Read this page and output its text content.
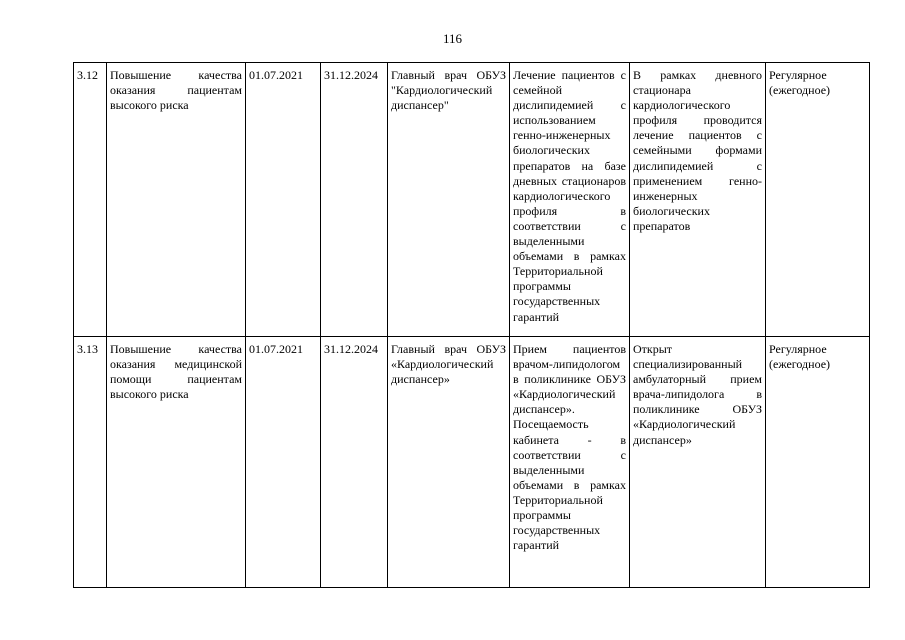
116
3.12	Повышение качества оказания пациентам высокого риска	01.07.2021	31.12.2024	Главный врач ОБУЗ "Кардиологический диспансер"	Лечение пациентов с семейной дислипидемией с использованием генно-инженерных биологических препаратов на базе дневных стационаров кардиологического профиля в соответствии с выделенными объемами в рамках Территориальной программы государственных гарантий	В рамках дневного стационара кардиологического профиля проводится лечение пациентов с семейными формами дислипидемией с применением генно-инженерных биологических препаратов	Регулярное (ежегодное)
3.13	Повышение качества оказания медицинской помощи пациентам высокого риска	01.07.2021	31.12.2024	Главный врач ОБУЗ «Кардиологический диспансер»	Прием пациентов врачом-липидологом в поликлинике ОБУЗ «Кардиологический диспансер». Посещаемость кабинета - в соответствии с выделенными объемами в рамках Территориальной программы государственных гарантий	Открыт специализированный амбулаторный прием врача-липидолога в поликлинике ОБУЗ «Кардиологический диспансер»	Регулярное (ежегодное)
